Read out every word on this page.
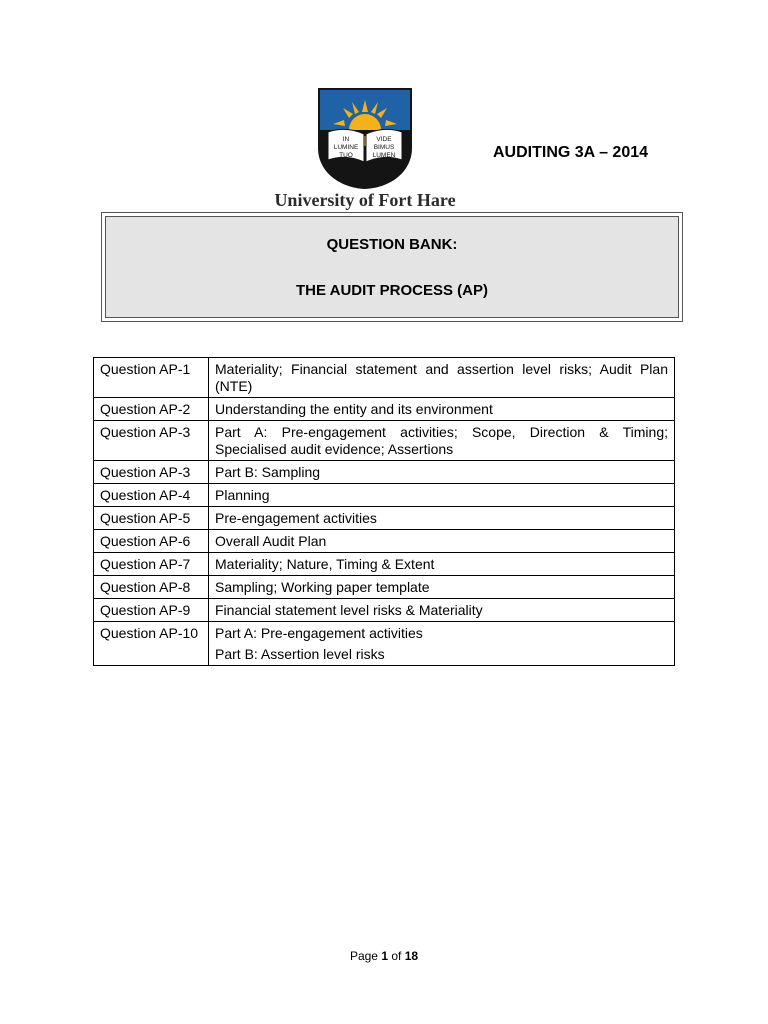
IN
LUMINE
TUO
VIDE
BIMUS
LUMEN
University of Fort Hare
AUDITING 3A – 2014
QUESTION BANK:
THE AUDIT PROCESS (AP)
Question AP-1	Materiality; Financial statement and assertion level risks; Audit Plan (NTE)
Question AP-2	Understanding the entity and its environment
Question AP-3	Part A: Pre-engagement activities; Scope, Direction & Timing; Specialised audit evidence; Assertions
Question AP-3	Part B: Sampling
Question AP-4	Planning
Question AP-5	Pre-engagement activities
Question AP-6	Overall Audit Plan
Question AP-7	Materiality; Nature, Timing & Extent
Question AP-8	Sampling; Working paper template
Question AP-9	Financial statement level risks & Materiality
Question AP-10	Part A: Pre-engagement activities
Part B: Assertion level risks
Page 1 of 18
